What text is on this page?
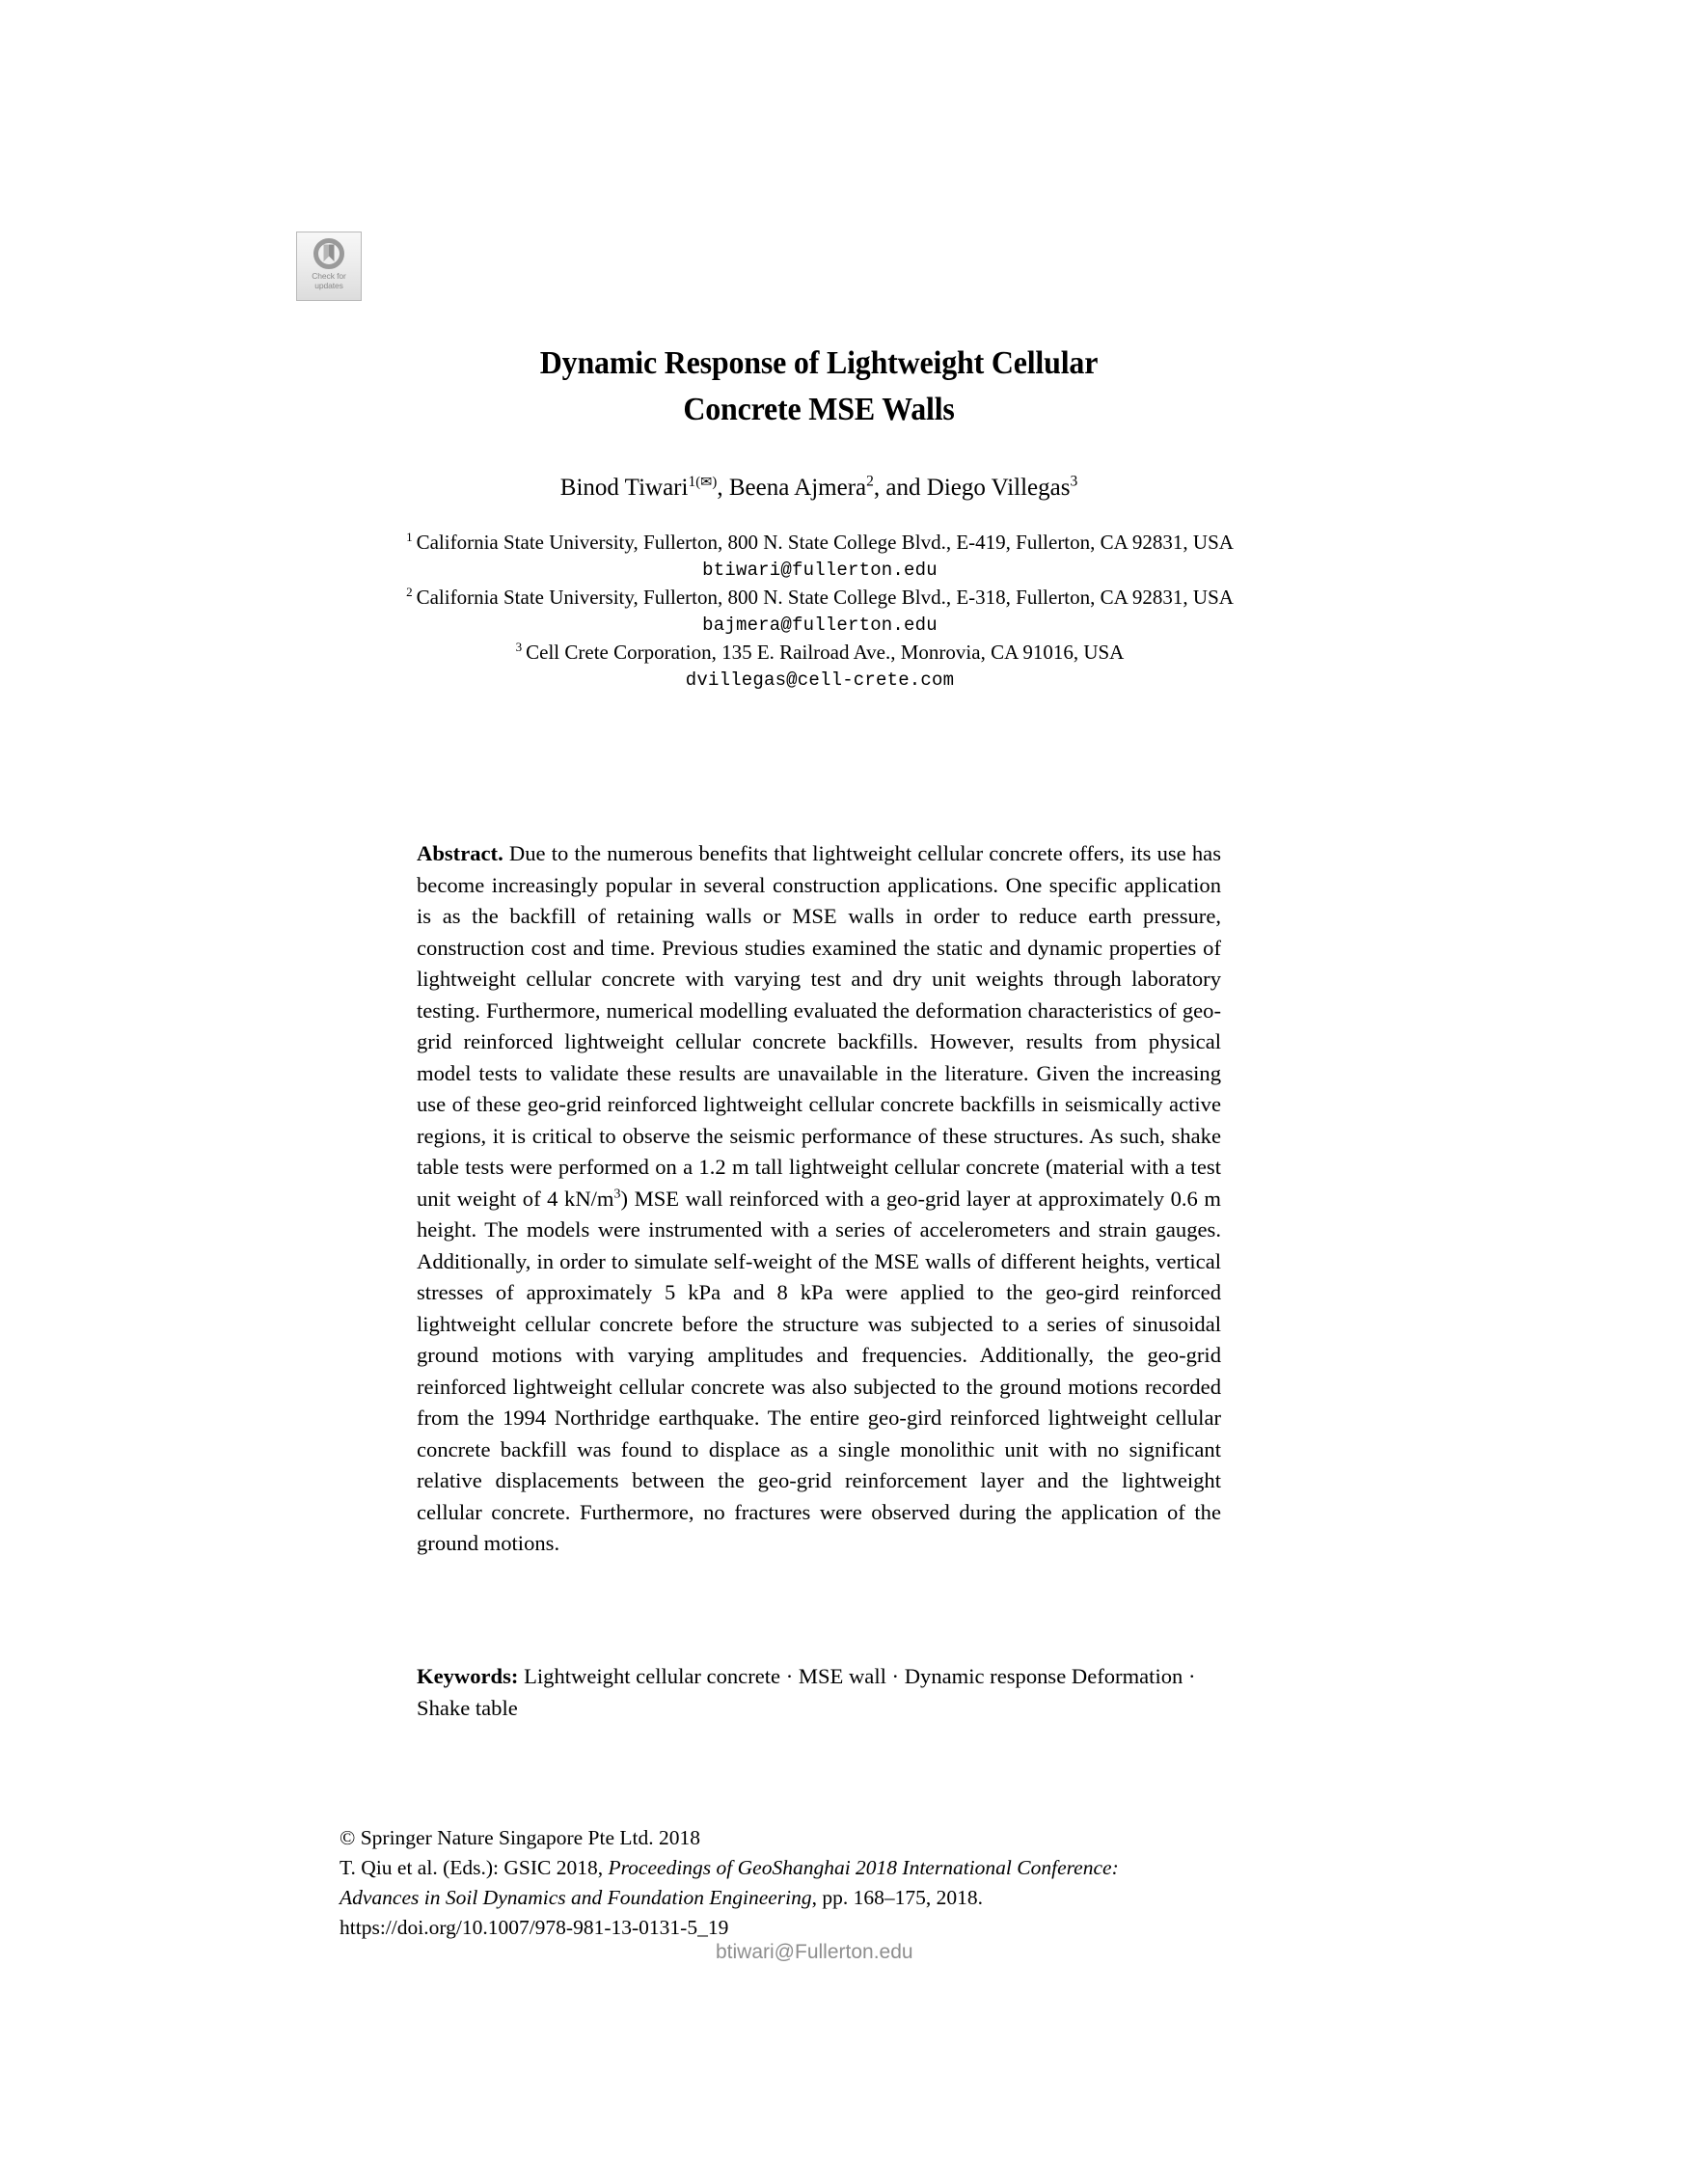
Check for
updates
Dynamic Response of Lightweight Cellular
Concrete MSE Walls
Binod Tiwari$^{1(✉)}$, Beena Ajmera$^2$, and Diego Villegas$^3$
$^1$ California State University, Fullerton, 800 N. State College Blvd., E-419, Fullerton, CA 92831, USA
btiwari@fullerton.edu
$^2$ California State University, Fullerton, 800 N. State College Blvd., E-318, Fullerton, CA 92831, USA
bajmera@fullerton.edu
$^3$ Cell Crete Corporation, 135 E. Railroad Ave., Monrovia, CA 91016, USA
dvillegas@cell-crete.com
Abstract. Due to the numerous benefits that lightweight cellular concrete offers, its use has become increasingly popular in several construction applications. One specific application is as the backfill of retaining walls or MSE walls in order to reduce earth pressure, construction cost and time. Previous studies examined the static and dynamic properties of lightweight cellular concrete with varying test and dry unit weights through laboratory testing. Furthermore, numerical modelling evaluated the deformation characteristics of geo-grid reinforced lightweight cellular concrete backfills. However, results from physical model tests to validate these results are unavailable in the literature. Given the increasing use of these geo-grid reinforced lightweight cellular concrete backfills in seismically active regions, it is critical to observe the seismic performance of these structures. As such, shake table tests were performed on a 1.2 m tall lightweight cellular concrete (material with a test unit weight of 4 $kN/m^3$) MSE wall reinforced with a geo-grid layer at approximately 0.6 m height. The models were instrumented with a series of accelerometers and strain gauges. Additionally, in order to simulate self-weight of the MSE walls of different heights, vertical stresses of approximately 5 kPa and 8 kPa were applied to the geo-gird reinforced lightweight cellular concrete before the structure was subjected to a series of sinusoidal ground motions with varying amplitudes and frequencies. Additionally, the geo-grid reinforced lightweight cellular concrete was also subjected to the ground motions recorded from the 1994 Northridge earthquake. The entire geo-gird reinforced lightweight cellular concrete backfill was found to displace as a single monolithic unit with no significant relative displacements between the geo-grid reinforcement layer and the lightweight cellular concrete. Furthermore, no fractures were observed during the application of the ground motions.
Keywords: Lightweight cellular concrete · MSE wall · Dynamic response Deformation · Shake table
© Springer Nature Singapore Pte Ltd. 2018
T. Qiu et al. (Eds.): GSIC 2018, Proceedings of GeoShanghai 2018 International Conference:
Advances in Soil Dynamics and Foundation Engineering, pp. 168–175, 2018.
https://doi.org/10.1007/978-981-13-0131-5_19
btiwari@Fullerton.edu
